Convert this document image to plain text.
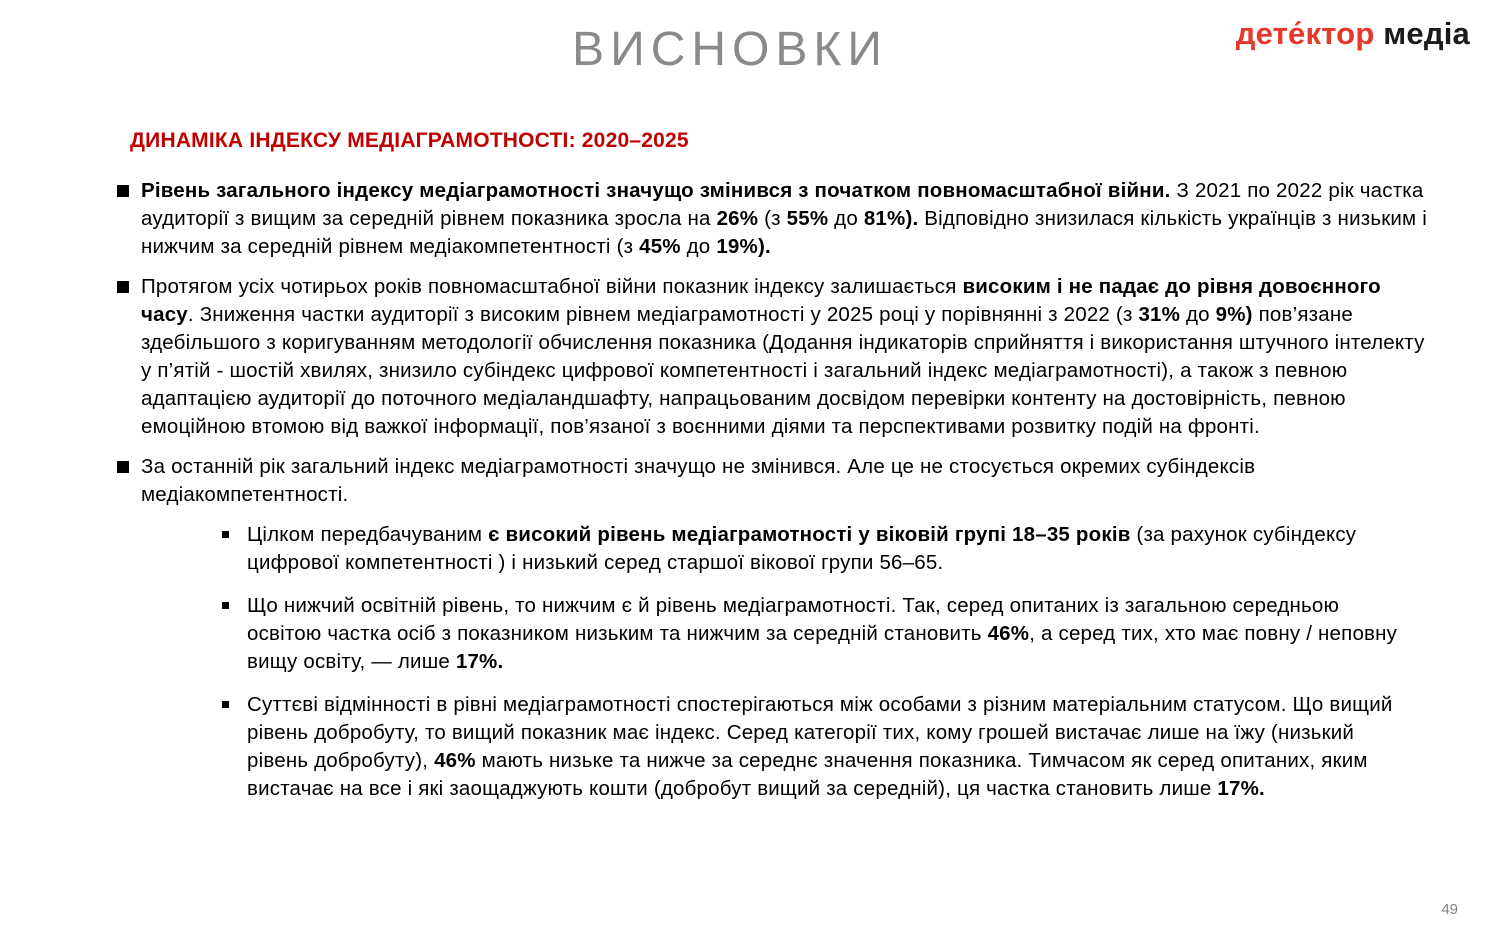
ВИСНОВКИ	дете́ктор медіа
ДИНАМІКА ІНДЕКСУ МЕДІАГРАМОТНОСТІ: 2020–2025
Рівень загального індексу медіаграмотності значущо змінився з початком повномасштабної війни. З 2021 по 2022 рік частка аудиторії з вищим за середній рівнем показника зросла на 26% (з 55% до 81%). Відповідно знизилася кількість українців з низьким і нижчим за середній рівнем медіакомпетентності (з 45% до 19%).
Протягом усіх чотирьох років повномасштабної війни показник індексу залишається високим і не падає до рівня довоєнного часу. Зниження частки аудиторії з високим рівнем медіаграмотності у 2025 році у порівнянні з 2022 (з 31% до 9%) пов’язане здебільшого з коригуванням методології обчислення показника (Додання індикаторів сприйняття і використання штучного інтелекту у п’ятій - шостій хвилях, знизило субіндекс цифрової компетентності і загальний індекс медіаграмотності), а також з певною адаптацією аудиторії до поточного медіаландшафту, напрацьованим досвідом перевірки контенту на достовірність, певною емоційною втомою від важкої інформації, пов’язаної з воєнними діями та перспективами розвитку подій на фронті.
За останній рік загальний індекс медіаграмотності значущо не змінився. Але це не стосується окремих субіндексів медіакомпетентності.
Цілком передбачуваним є високий рівень медіаграмотності у віковій групі 18–35 років (за рахунок субіндексу цифрової компетентності ) і низький серед старшої вікової групи 56–65.
Що нижчий освітній рівень, то нижчим є й рівень медіаграмотності. Так, серед опитаних із загальною середньою освітою частка осіб з показником низьким та нижчим за середній становить 46%, а серед тих, хто має повну / неповну вищу освіту, — лише 17%.
Суттєві відмінності в рівні медіаграмотності спостерігаються між особами з різним матеріальним статусом. Що вищий рівень добробуту, то вищий показник має індекс. Серед категорії тих, кому грошей вистачає лише на їжу (низький рівень добробуту), 46% мають низьке та нижче за середнє значення показника. Тимчасом як серед опитаних, яким вистачає на все і які заощаджують кошти (добробут вищий за середній), ця частка становить лише 17%.
49
